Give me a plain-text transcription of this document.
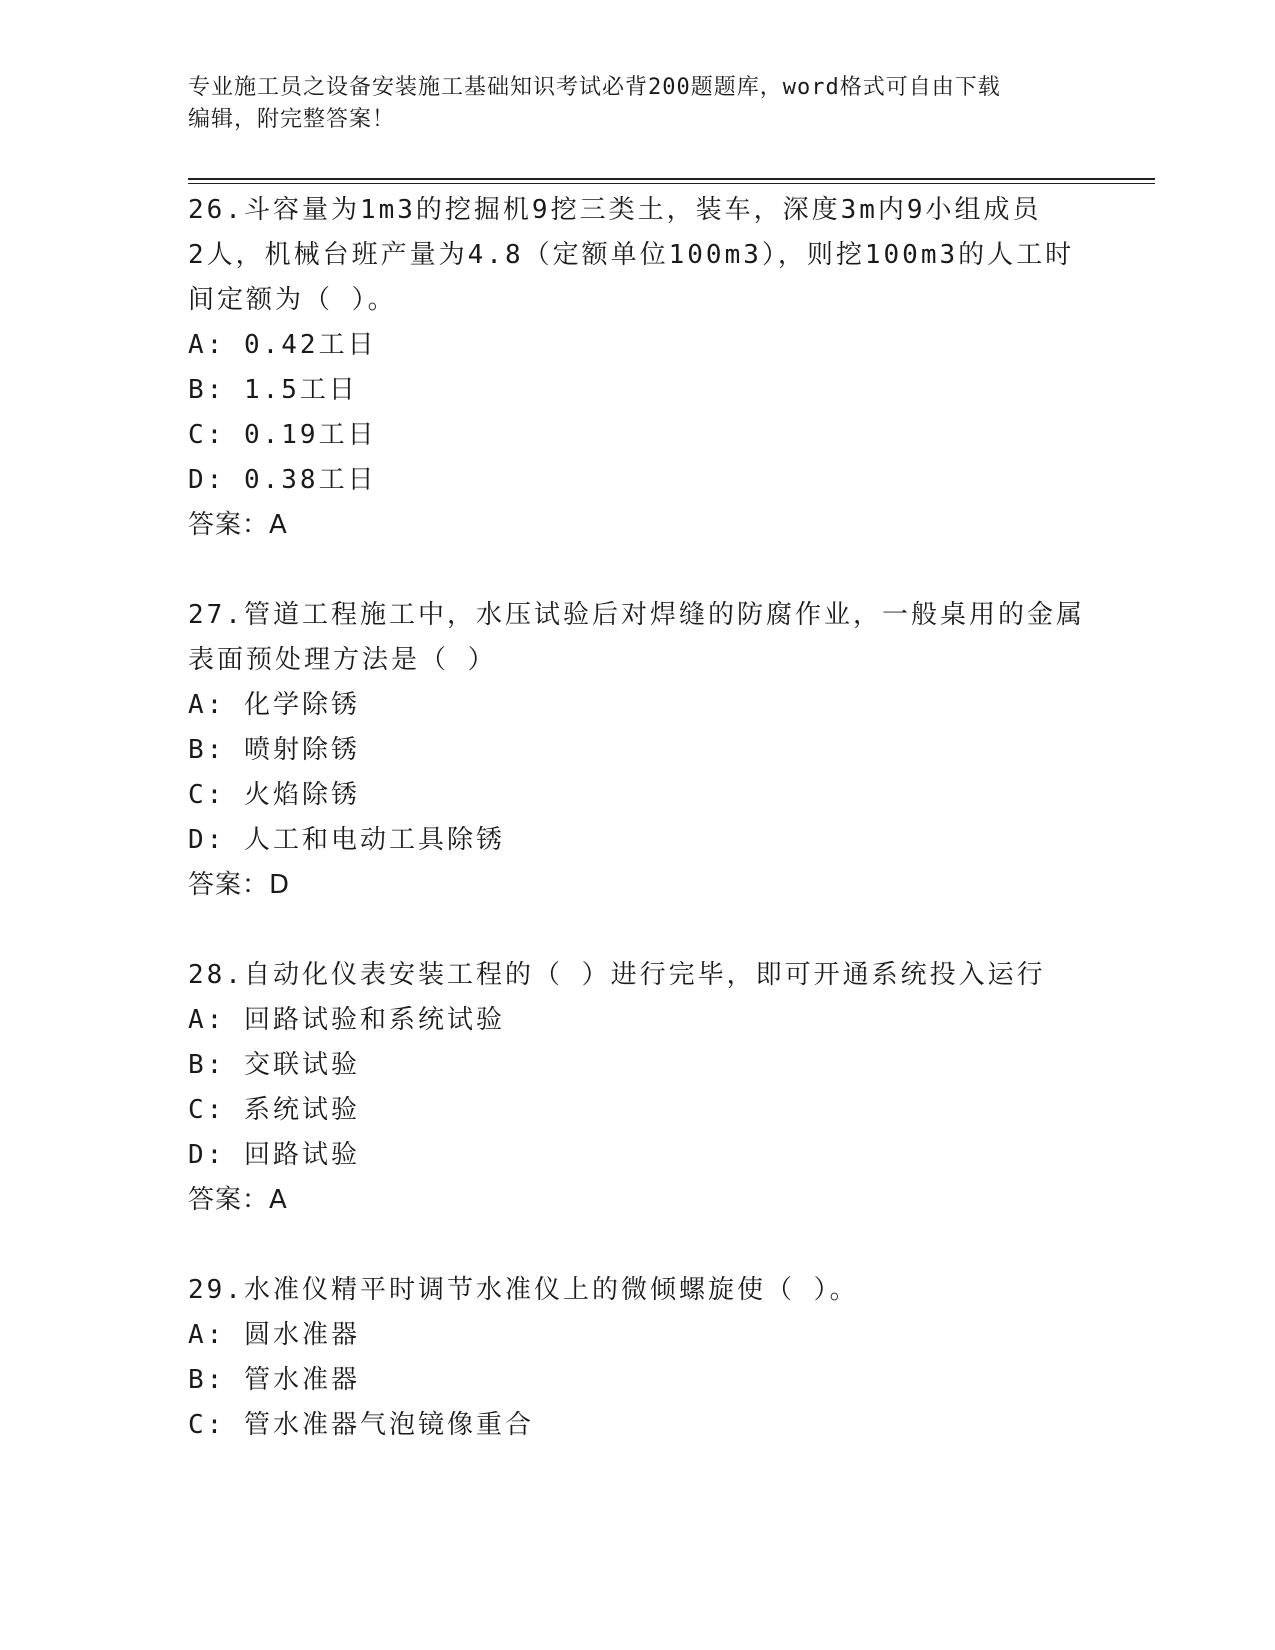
专业施工员之设备安装施工基础知识考试必背200题题库，word格式可自由下载
编辑，附完整答案！
26.斗容量为1m3的挖掘机9挖三类土，装车，深度3m内9小组成员
2人，机械台班产量为4.8（定额单位100m3），则挖100m3的人工时
间定额为（ ）。
A: 0.42工日
B: 1.5工日
C: 0.19工日
D: 0.38工日
答案：A
27.管道工程施工中，水压试验后对焊缝的防腐作业，一般桌用的金属
表面预处理方法是（ ）
A: 化学除锈
B: 喷射除锈
C: 火焰除锈
D: 人工和电动工具除锈
答案：D
28.自动化仪表安装工程的（ ）进行完毕，即可开通系统投入运行
A: 回路试验和系统试验
B: 交联试验
C: 系统试验
D: 回路试验
答案：A
29.水准仪精平时调节水准仪上的微倾螺旋使（ ）。
A: 圆水准器
B: 管水准器
C: 管水准器气泡镜像重合
